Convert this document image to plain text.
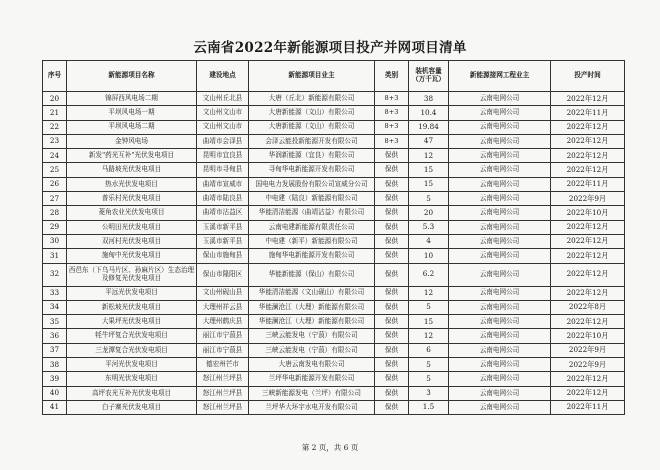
云南省2022年新能源项目投产并网项目清单
序号	新能源项目名称	建设地点	新能源项目业主	类别	装机容量（万千瓦）	新能源接网工程业主	投产时间
20	锦屏西风电场二期	文山州丘北县	大唐（丘北）新能源有限公司	8+3	38	云南电网公司	2022年12月
21	平坝风电场一期	文山州文山市	大唐新能源（文山）有限公司	8+3	10.4	云南电网公司	2022年11月
22	平坝风电场二期	文山州文山市	大唐新能源（文山）有限公司	8+3	19.84	云南电网公司	2022年12月
23	金钟风电场	曲靖市会泽县	会泽云能投新能源开发有限公司	8+3	47	云南电网公司	2022年12月
24	新发"药光互补"光伏发电项目	昆明市宜良县	华润新能源（宜良）有限公司	保供	12	云南电网公司	2022年12月
25	马路坡光伏发电项目	昆明市寻甸县	寻甸华电新能源开发有限公司	保供	15	云南电网公司	2022年12月
26	热水光伏发电项目	曲靖市宣威市	国电电力发展股份有限公司宣威分公司	保供	15	云南电网公司	2022年11月
27	普乐村光伏发电项目	曲靖市陆良县	中电建（陆良）新能源有限公司	保供	5	云南电网公司	2022年9月
28	菱角农业光伏发电项目	曲靖市沾益区	华能清洁能源（曲靖沾益）有限公司	保供	20	云南电网公司	2022年10月
29	公明田光伏发电项目	玉溪市新平县	云南电建新能源有限责任公司	保供	5.3	云南电网公司	2022年12月
30	双河村光伏发电项目	玉溪市新平县	中电建（新平）新能源有限公司	保供	4	云南电网公司	2022年12月
31	施甸中光伏发电项目	保山市施甸县	施甸华电新能源开发有限公司	保供	10	云南电网公司	2022年12月
32	西邑东（下乌马片区、孙麻片区）生态治理及修复光伏发电项目	保山市隆阳区	华能新能源（保山）有限公司	保供	6.2	云南电网公司	2022年12月
33	平远光伏发电项目	文山州砚山县	华能清洁能源（文山砚山）有限公司	保供	12	云南电网公司	2022年12月
34	新松坡光伏发电项目	大理州祥云县	华能澜沧江（大理）新能源有限公司	保供	5	云南电网公司	2022年8月
35	大果坪光伏发电项目	大理州鹤庆县	华能澜沧江（大理）新能源有限公司	保供	15	云南电网公司	2022年12月
36	牦牛坪复合光伏发电项目	丽江市宁蒗县	三峡云能发电（宁蒗）有限公司	保供	12	云南电网公司	2022年10月
37	三龙潭复合光伏发电项目	丽江市宁蒗县	三峡云能发电（宁蒗）有限公司	保供	6	云南电网公司	2022年9月
38	平河光伏发电项目	德宏州芒市	大唐云南发电有限公司	保供	5	云南电网公司	2022年9月
39	东明光伏发电项目	怒江州兰坪县	兰坪华电新能源开发有限公司	保供	5	云南电网公司	2022年12月
40	高坪农光互补光伏发电项目	怒江州兰坪县	三峡新能源发电（兰坪）有限公司	保供	3	云南电网公司	2022年12月
41	白子寨光伏发电项目	怒江州兰坪县	兰坪华大环宇水电开发有限公司	保供	1.5	云南电网公司	2022年11月
第 2 页，共 6 页
